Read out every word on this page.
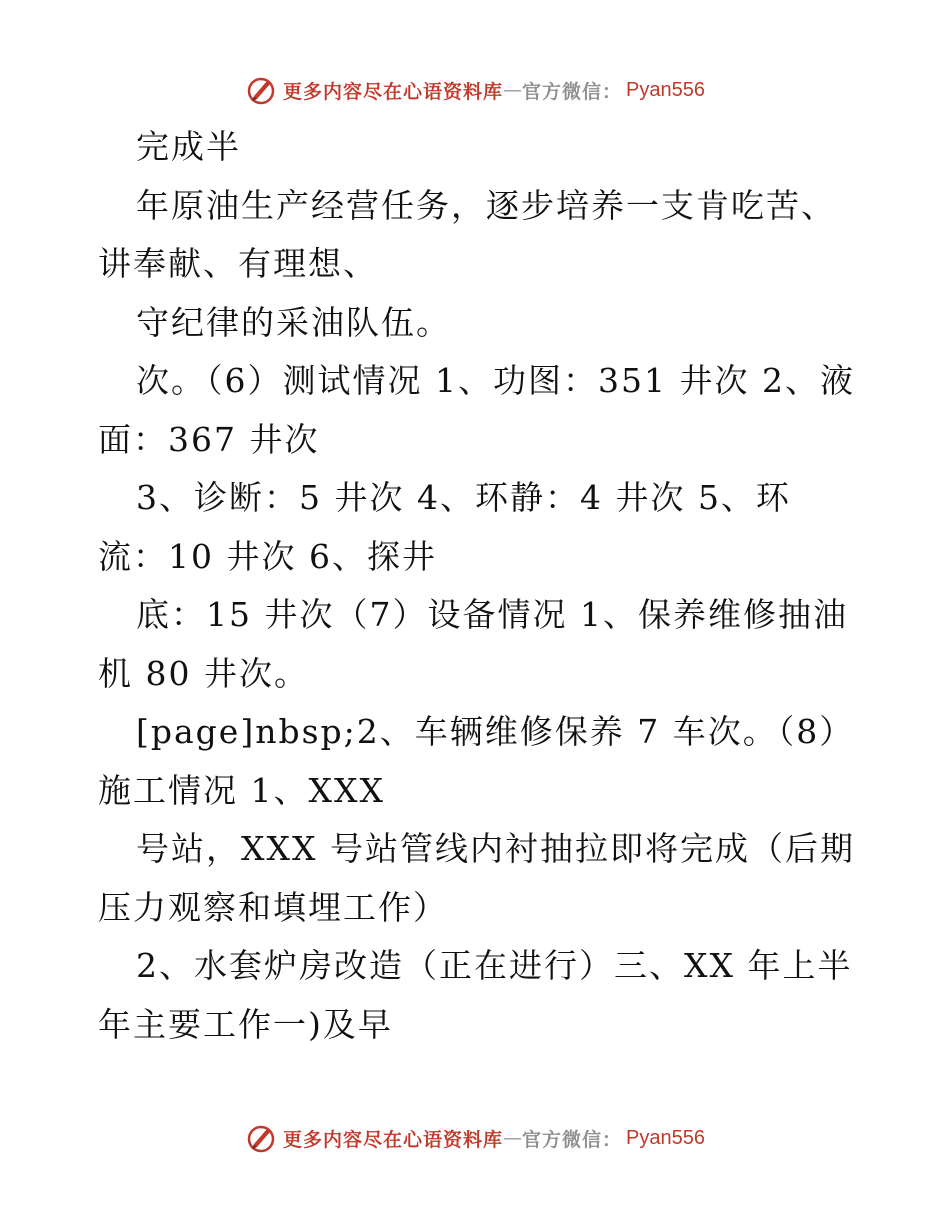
更多内容尽在心语资料库 — 官方微信： Pyan556

完成半

年原油生产经营任务，逐步培养一支肯吃苦、讲奉献、有理想、

守纪律的采油队伍。

次。（6）测试情况 1、功图：351 井次 2、液面：367 井次

3、诊断：5 井次 4、环静：4 井次 5、环流：10 井次 6、探井

底：15 井次（7）设备情况 1、保养维修抽油机 80 井次。

[page]nbsp;2、车辆维修保养 7 车次。（8）施工情况 1、XXX

号站，XXX 号站管线内衬抽拉即将完成（后期压力观察和填埋工作）

2、水套炉房改造（正在进行）三、XX 年上半年主要工作一)及早

更多内容尽在心语资料库 — 官方微信： Pyan556
